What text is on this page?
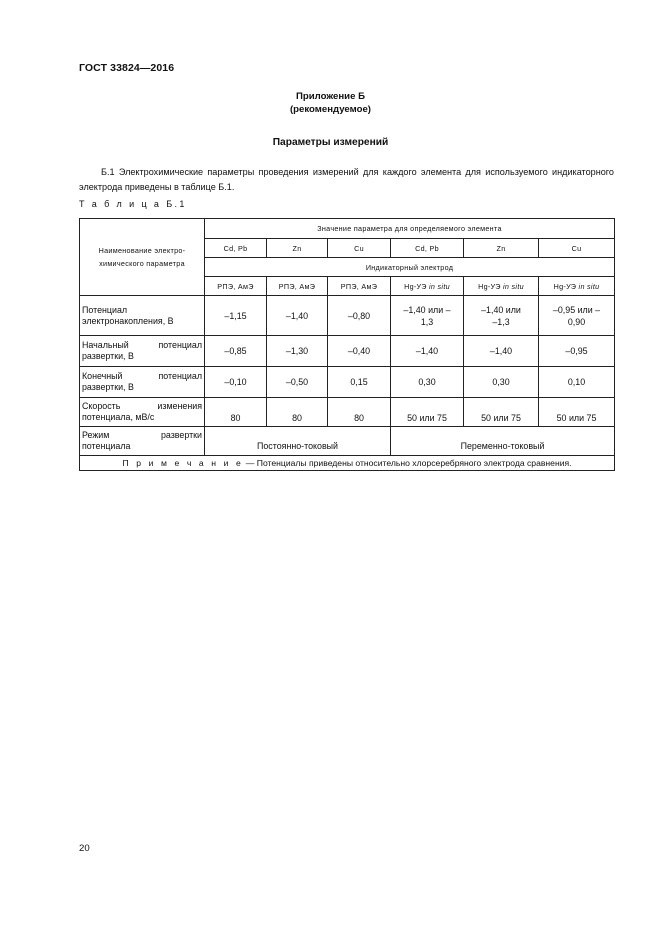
ГОСТ 33824—2016
Приложение Б
(рекомендуемое)
Параметры измерений
Б.1 Электрохимические параметры проведения измерений для каждого элемента для используемого индикаторного электрода приведены в таблице Б.1.
Т а б л и ц а Б.1
Наименование электро-химического параметра	Значение параметра для определяемого элемента					
	Cd, Pb	Zn	Cu	Cd, Pb	Zn	Cu
	Индикаторный электрод					
	РПЭ, АмЭ	РПЭ, АмЭ	РПЭ, АмЭ	Hg-УЭ in situ	Hg-УЭ in situ	Hg-УЭ in situ
Потенциал электронакопления, В	–1,15	–1,40	–0,80	–1,40 или –1,3	–1,40 или –1,3	–0,95 или –0,90
Начальный потенциал развертки, В	–0,85	–1,30	–0,40	–1,40	–1,40	–0,95
Конечный потенциал развертки, В	–0,10	–0,50	0,15	0,30	0,30	0,10
Скорость изменения потенциала, мВ/с	80	80	80	50 или 75	50 или 75	50 или 75
Режим развертки потенциала	Постоянно-токовый			Переменно-токовый		
П р и м е ч а н и е — Потенциалы приведены относительно хлорсеребряного электрода сравнения.						
20
